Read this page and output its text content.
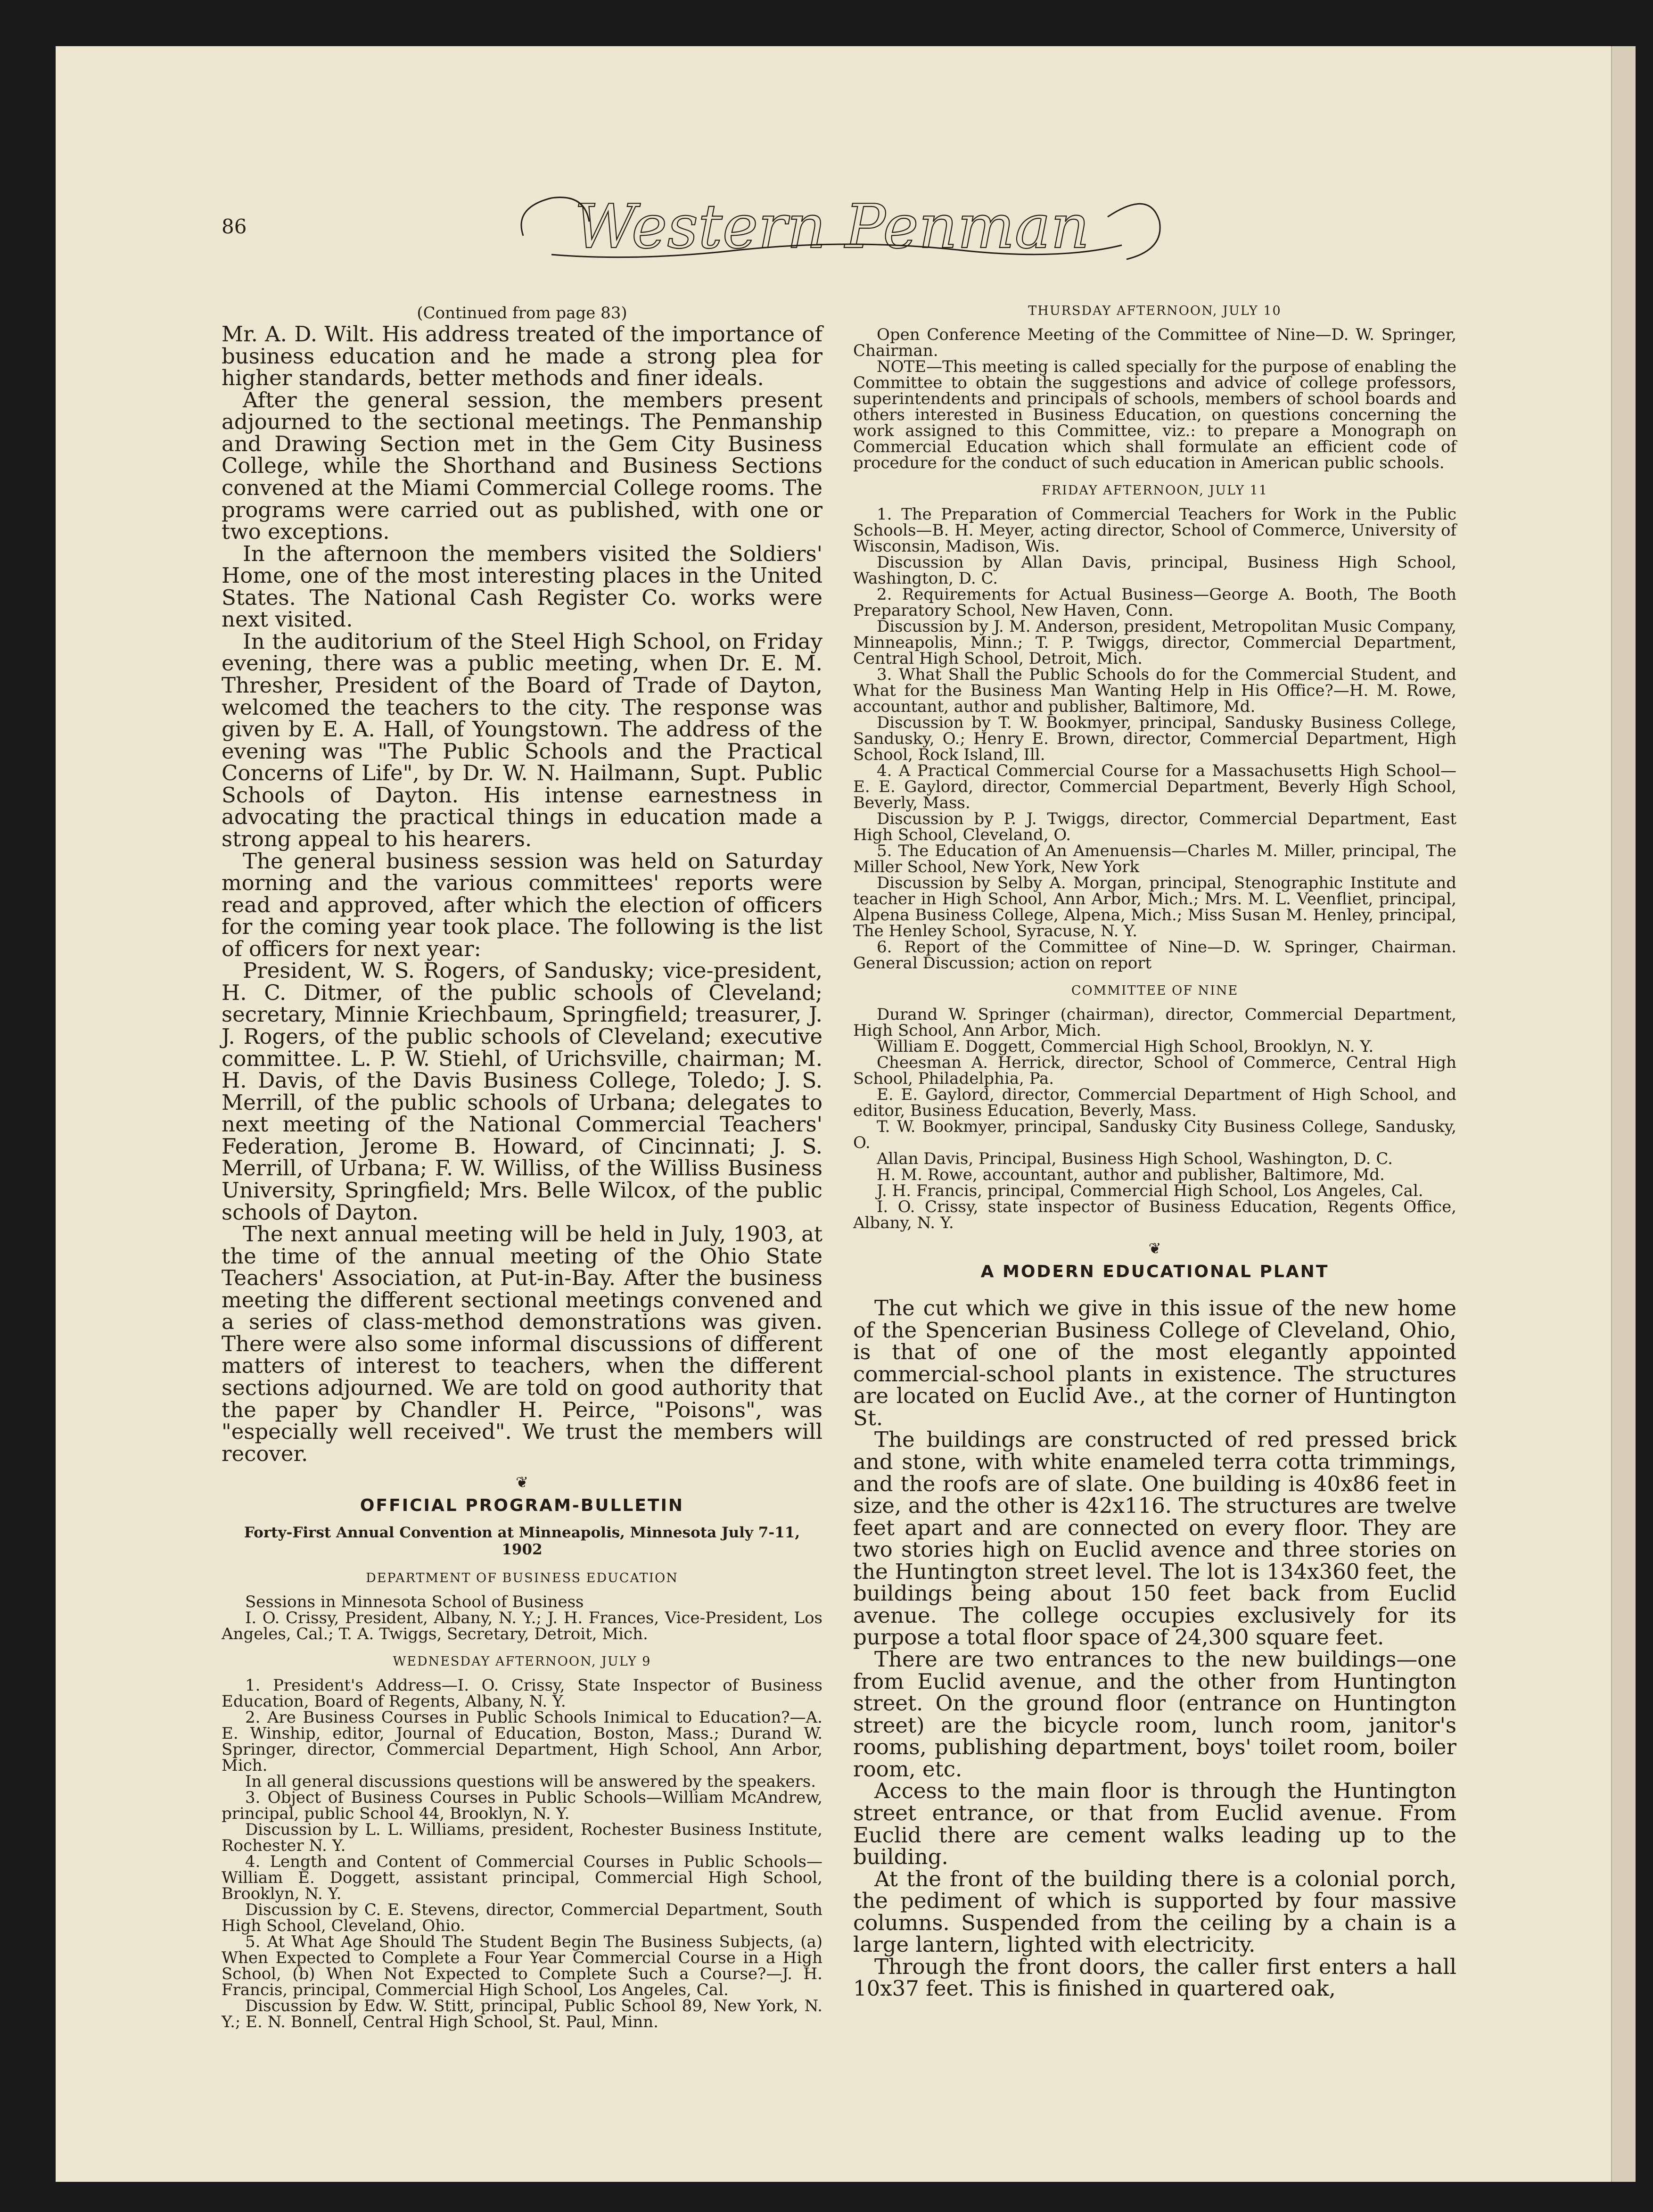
86	Western Penman
(Continued from page 83)

Mr. A. D. Wilt. His address treated of the importance of business education and he made a strong plea for higher standards, better methods and finer ideals.

After the general session, the members present adjourned to the sectional meetings. The Penmanship and Drawing Section met in the Gem City Business College, while the Shorthand and Business Sections convened at the Miami Commercial College rooms. The programs were carried out as published, with one or two exceptions.

In the afternoon the members visited the Soldiers' Home, one of the most interesting places in the United States. The National Cash Register Co. works were next visited.

In the auditorium of the Steel High School, on Friday evening, there was a public meeting, when Dr. E. M. Thresher, President of the Board of Trade of Dayton, welcomed the teachers to the city. The response was given by E. A. Hall, of Youngstown. The address of the evening was "The Public Schools and the Practical Concerns of Life", by Dr. W. N. Hailmann, Supt. Public Schools of Dayton. His intense earnestness in advocating the practical things in education made a strong appeal to his hearers.

The general business session was held on Saturday morning and the various committees' reports were read and approved, after which the election of officers for the coming year took place. The following is the list of officers for next year:

President, W. S. Rogers, of Sandusky; vice-president, H. C. Ditmer, of the public schools of Cleveland; secretary, Minnie Kriechbaum, Springfield; treasurer, J. J. Rogers, of the public schools of Cleveland; executive committee. L. P. W. Stiehl, of Urichsville, chairman; M. H. Davis, of the Davis Business College, Toledo; J. S. Merrill, of the public schools of Urbana; delegates to next meeting of the National Commercial Teachers' Federation, Jerome B. Howard, of Cincinnati; J. S. Merrill, of Urbana; F. W. Williss, of the Williss Business University, Springfield; Mrs. Belle Wilcox, of the public schools of Dayton.

The next annual meeting will be held in July, 1903, at the time of the annual meeting of the Ohio State Teachers' Association, at Put-in-Bay. After the business meeting the different sectional meetings convened and a series of class-method demonstrations was given. There were also some informal discussions of different matters of interest to teachers, when the different sections adjourned. We are told on good authority that the paper by Chandler H. Peirce, "Poisons", was "especially well received". We trust the members will recover.

❦
OFFICIAL PROGRAM-BULLETIN
Forty-First Annual Convention at Minneapolis, Minnesota July 7-11, 1902
DEPARTMENT OF BUSINESS EDUCATION

Sessions in Minnesota School of Business

I. O. Crissy, President, Albany, N. Y.; J. H. Frances, Vice-President, Los Angeles, Cal.; T. A. Twiggs, Secretary, Detroit, Mich.

WEDNESDAY AFTERNOON, JULY 9

1. President's Address—I. O. Crissy, State Inspector of Business Education, Board of Regents, Albany, N. Y.

2. Are Business Courses in Public Schools Inimical to Education?—A. E. Winship, editor, Journal of Education, Boston, Mass.; Durand W. Springer, director, Commercial Department, High School, Ann Arbor, Mich.

In all general discussions questions will be answered by the speakers.

3. Object of Business Courses in Public Schools—William McAndrew, principal, public School 44, Brooklyn, N. Y.

Discussion by L. L. Williams, president, Rochester Business Institute, Rochester N. Y.

4. Length and Content of Commercial Courses in Public Schools—William E. Doggett, assistant principal, Commercial High School, Brooklyn, N. Y.

Discussion by C. E. Stevens, director, Commercial Department, South High School, Cleveland, Ohio.

5. At What Age Should The Student Begin The Business Subjects, (a) When Expected to Complete a Four Year Commercial Course in a High School, (b) When Not Expected to Complete Such a Course?—J. H. Francis, principal, Commercial High School, Los Angeles, Cal.

Discussion by Edw. W. Stitt, principal, Public School 89, New York, N. Y.; E. N. Bonnell, Central High School, St. Paul, Minn.

THURSDAY AFTERNOON, JULY 10

Open Conference Meeting of the Committee of Nine—D. W. Springer, Chairman.

NOTE—This meeting is called specially for the purpose of enabling the Committee to obtain the suggestions and advice of college professors, superintendents and principals of schools, members of school boards and others interested in Business Education, on questions concerning the work assigned to this Committee, viz.: to prepare a Monograph on Commercial Education which shall formulate an efficient code of procedure for the conduct of such education in American public schools.

FRIDAY AFTERNOON, JULY 11

1. The Preparation of Commercial Teachers for Work in the Public Schools—B. H. Meyer, acting director, School of Commerce, University of Wisconsin, Madison, Wis.

Discussion by Allan Davis, principal, Business High School, Washington, D. C.

2. Requirements for Actual Business—George A. Booth, The Booth Preparatory School, New Haven, Conn.

Discussion by J. M. Anderson, president, Metropolitan Music Company, Minneapolis, Minn.; T. P. Twiggs, director, Commercial Department, Central High School, Detroit, Mich.

3. What Shall the Public Schools do for the Commercial Student, and What for the Business Man Wanting Help in His Office?—H. M. Rowe, accountant, author and publisher, Baltimore, Md.

Discussion by T. W. Bookmyer, principal, Sandusky Business College, Sandusky, O.; Henry E. Brown, director, Commercial Department, High School, Rock Island, Ill.

4. A Practical Commercial Course for a Massachusetts High School—E. E. Gaylord, director, Commercial Department, Beverly High School, Beverly, Mass.

Discussion by P. J. Twiggs, director, Commercial Department, East High School, Cleveland, O.

5. The Education of An Amenuensis—Charles M. Miller, principal, The Miller School, New York, New York

Discussion by Selby A. Morgan, principal, Stenographic Institute and teacher in High School, Ann Arbor, Mich.; Mrs. M. L. Veenfliet, principal, Alpena Business College, Alpena, Mich.; Miss Susan M. Henley, principal, The Henley School, Syracuse, N. Y.

6. Report of the Committee of Nine—D. W. Springer, Chairman. General Discussion; action on report

COMMITTEE OF NINE

Durand W. Springer (chairman), director, Commercial Department, High School, Ann Arbor, Mich.

William E. Doggett, Commercial High School, Brooklyn, N. Y.

Cheesman A. Herrick, director, School of Commerce, Central High School, Philadelphia, Pa.

E. E. Gaylord, director, Commercial Department of High School, and editor, Business Education, Beverly, Mass.

T. W. Bookmyer, principal, Sandusky City Business College, Sandusky, O.

Allan Davis, Principal, Business High School, Washington, D. C.

H. M. Rowe, accountant, author and publisher, Baltimore, Md.

J. H. Francis, principal, Commercial High School, Los Angeles, Cal.

I. O. Crissy, state inspector of Business Education, Regents Office, Albany, N. Y.

❦
A MODERN EDUCATIONAL PLANT

The cut which we give in this issue of the new home of the Spencerian Business College of Cleveland, Ohio, is that of one of the most elegantly appointed commercial-school plants in existence. The structures are located on Euclid Ave., at the corner of Huntington St.

The buildings are constructed of red pressed brick and stone, with white enameled terra cotta trimmings, and the roofs are of slate. One building is 40x86 feet in size, and the other is 42x116. The structures are twelve feet apart and are connected on every floor. They are two stories high on Euclid avence and three stories on the Huntington street level. The lot is 134x360 feet, the buildings being about 150 feet back from Euclid avenue. The college occupies exclusively for its purpose a total floor space of 24,300 square feet.

There are two entrances to the new buildings—one from Euclid avenue, and the other from Huntington street. On the ground floor (entrance on Huntington street) are the bicycle room, lunch room, janitor's rooms, publishing department, boys' toilet room, boiler room, etc.

Access to the main floor is through the Huntington street entrance, or that from Euclid avenue. From Euclid there are cement walks leading up to the building.

At the front of the building there is a colonial porch, the pediment of which is supported by four massive columns. Suspended from the ceiling by a chain is a large lantern, lighted with electricity.

Through the front doors, the caller first enters a hall 10x37 feet. This is finished in quartered oak,
